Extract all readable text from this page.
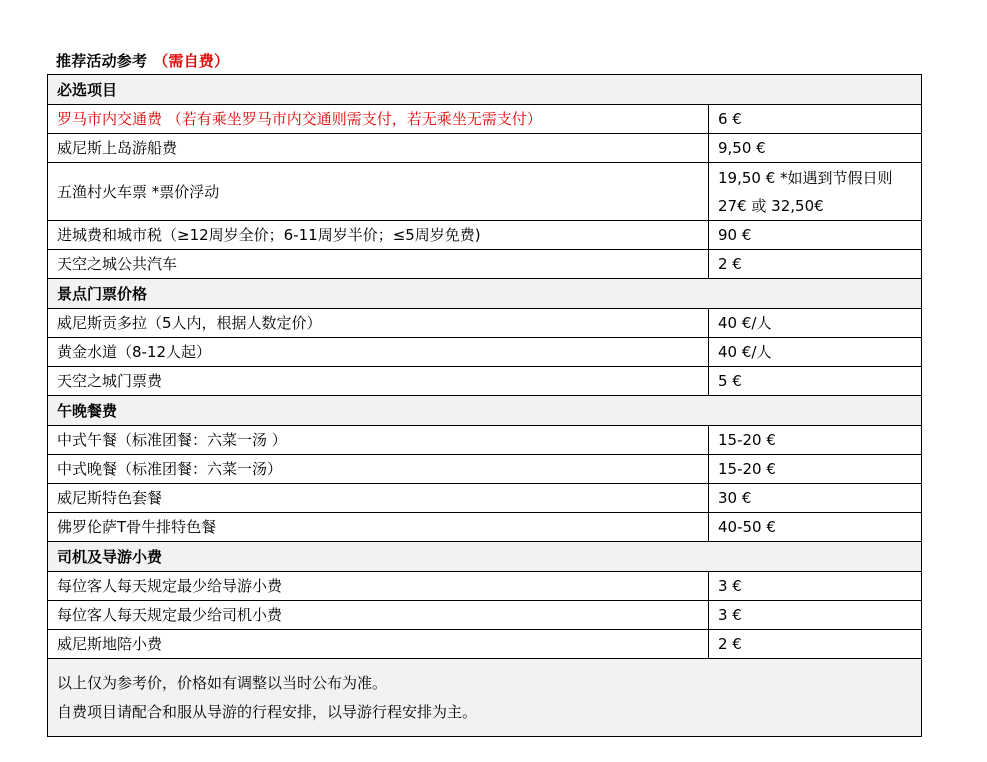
推荐活动参考 （需自费）
必选项目	
罗马市内交通费 （若有乘坐罗马市内交通则需支付，若无乘坐无需支付）	6 €
威尼斯上岛游船费	9,50 €
五渔村火车票 *票价浮动	19,50 € *如遇到节假日则 27€ 或 32,50€
进城费和城市税（≥12周岁全价；6-11周岁半价；≤5周岁免费)	90 €
天空之城公共汽车	2 €
景点门票价格	
威尼斯贡多拉（5人内，根据人数定价）	40 €/人
黄金水道（8-12人起）	40 €/人
天空之城门票费	5 €
午晚餐费	
中式午餐（标准团餐：六菜一汤 ）	15-20 €
中式晚餐（标准团餐：六菜一汤）	15-20 €
威尼斯特色套餐	30 €
佛罗伦萨T骨牛排特色餐	40-50 €
司机及导游小费	
每位客人每天规定最少给导游小费	3 €
每位客人每天规定最少给司机小费	3 €
威尼斯地陪小费	2 €

以上仅为参考价，价格如有调整以当时公布为准。
自费项目请配合和服从导游的行程安排，以导游行程安排为主。	
